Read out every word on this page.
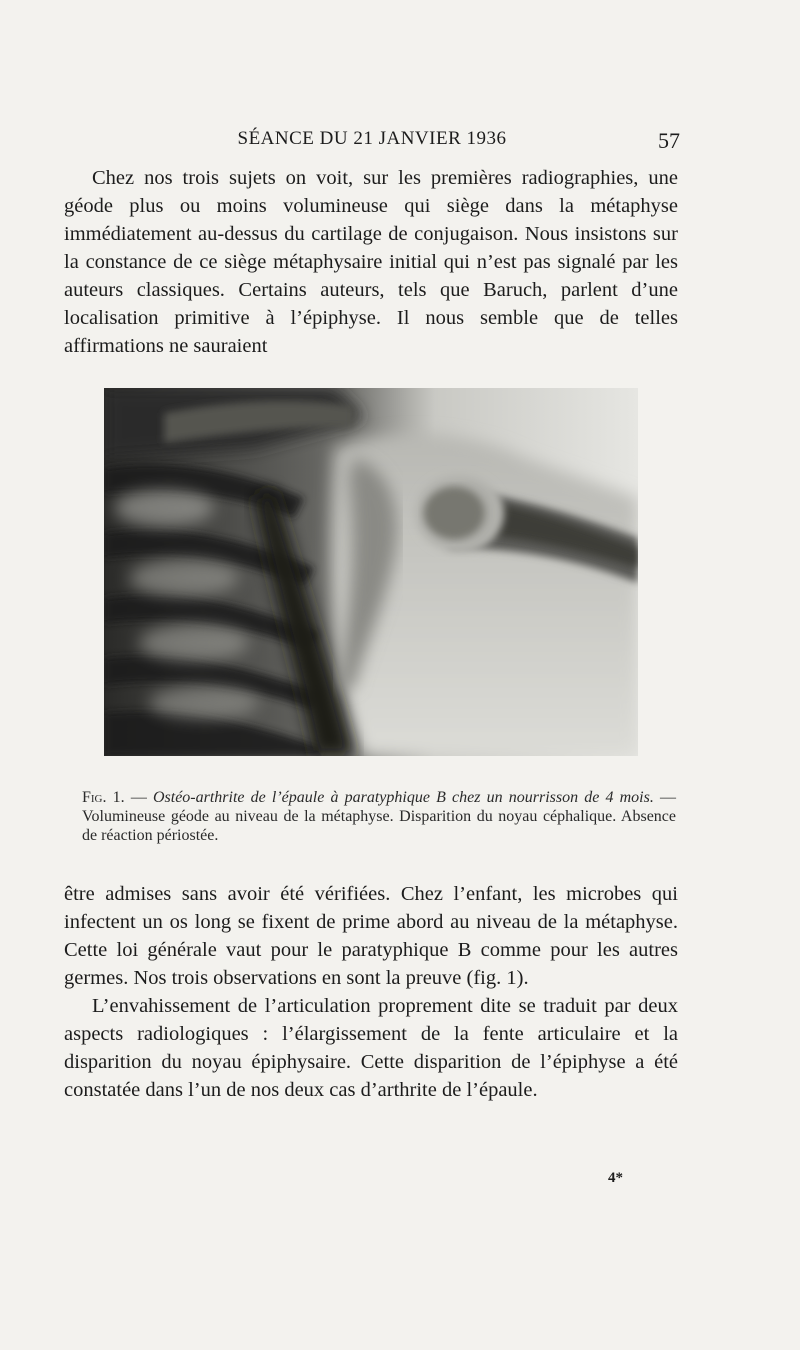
SÉANCE DU 21 JANVIER 1936	57

Chez nos trois sujets on voit, sur les premières radiographies, une géode plus ou moins volumineuse qui siège dans la métaphyse immédiatement au-dessus du cartilage de conjugaison. Nous insistons sur la constance de ce siège métaphysaire initial qui n’est pas signalé par les auteurs classiques. Certains auteurs, tels que Baruch, parlent d’une localisation primitive à l’épiphyse. Il nous semble que de telles affirmations ne sauraient

Fig. 1. — Ostéo-arthrite de l’épaule à paratyphique B chez un nourrisson de 4 mois. — Volumineuse géode au niveau de la métaphyse. Disparition du noyau céphalique. Absence de réaction périostée.

être admises sans avoir été vérifiées. Chez l’enfant, les microbes qui infectent un os long se fixent de prime abord au niveau de la métaphyse. Cette loi générale vaut pour le paratyphique B comme pour les autres germes. Nos trois observations en sont la preuve (fig. 1).

L’envahissement de l’articulation proprement dite se traduit par deux aspects radiologiques : l’élargissement de la fente articulaire et la disparition du noyau épiphysaire. Cette disparition de l’épiphyse a été constatée dans l’un de nos deux cas d’arthrite de l’épaule.

4*
